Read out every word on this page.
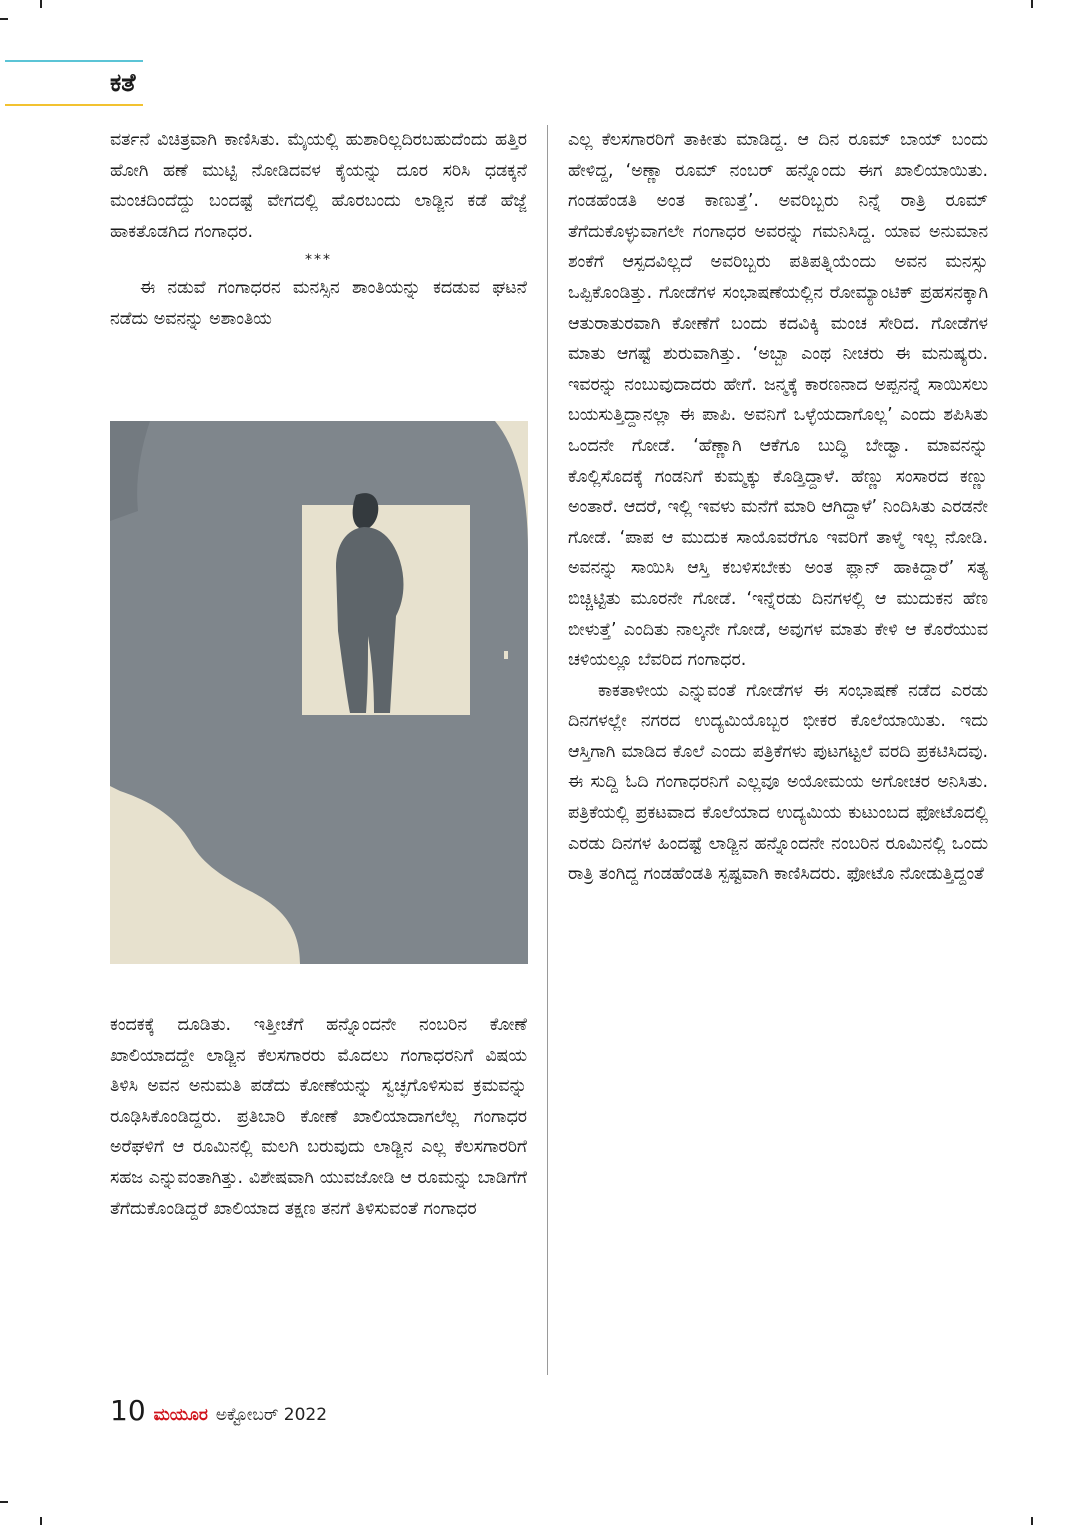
ಕತೆ

ವರ್ತನೆ ವಿಚಿತ್ರವಾಗಿ ಕಾಣಿಸಿತು. ಮೈಯಲ್ಲಿ ಹುಶಾರಿಲ್ಲದಿರಬಹುದೆಂದು ಹತ್ತಿರ ಹೋಗಿ ಹಣೆ ಮುಟ್ಟಿ ನೋಡಿದವಳ ಕೈಯನ್ನು ದೂರ ಸರಿಸಿ ಧಡಕ್ಕನೆ ಮಂಚದಿಂದೆದ್ದು ಬಂದಷ್ಟೆ ವೇಗದಲ್ಲಿ ಹೊರಬಂದು ಲಾಡ್ಜಿನ ಕಡೆ ಹೆಜ್ಜೆ ಹಾಕತೊಡಗಿದ ಗಂಗಾಧರ.

***

ಈ ನಡುವೆ ಗಂಗಾಧರನ ಮನಸ್ಸಿನ ಶಾಂತಿಯನ್ನು ಕದಡುವ ಘಟನೆ ನಡೆದು ಅವನನ್ನು ಅಶಾಂತಿಯ

ಕಂದಕಕ್ಕೆ ದೂಡಿತು. ಇತ್ತೀಚೆಗೆ ಹನ್ನೊಂದನೇ ನಂಬರಿನ ಕೋಣೆ ಖಾಲಿಯಾದದ್ದೇ ಲಾಡ್ಜಿನ ಕೆಲಸಗಾರರು ಮೊದಲು ಗಂಗಾಧರನಿಗೆ ವಿಷಯ ತಿಳಿಸಿ ಅವನ ಅನುಮತಿ ಪಡೆದು ಕೋಣೆಯನ್ನು ಸ್ವಚ್ಛಗೊಳಿಸುವ ಕ್ರಮವನ್ನು ರೂಢಿಸಿಕೊಂಡಿದ್ದರು. ಪ್ರತಿಬಾರಿ ಕೋಣೆ ಖಾಲಿಯಾದಾಗಲೆಲ್ಲ ಗಂಗಾಧರ ಅರೆಘಳಿಗೆ ಆ ರೂಮಿನಲ್ಲಿ ಮಲಗಿ ಬರುವುದು ಲಾಡ್ಜಿನ ಎಲ್ಲ ಕೆಲಸಗಾರರಿಗೆ ಸಹಜ ಎನ್ನುವಂತಾಗಿತ್ತು. ವಿಶೇಷವಾಗಿ ಯುವಜೋಡಿ ಆ ರೂಮನ್ನು ಬಾಡಿಗೆಗೆ ತೆಗೆದುಕೊಂಡಿದ್ದರೆ ಖಾಲಿಯಾದ ತಕ್ಷಣ ತನಗೆ ತಿಳಿಸುವಂತೆ ಗಂಗಾಧರ

ಎಲ್ಲ ಕೆಲಸಗಾರರಿಗೆ ತಾಕೀತು ಮಾಡಿದ್ದ. ಆ ದಿನ ರೂಮ್ ಬಾಯ್ ಬಂದು ಹೇಳಿದ್ದ, ‘ಅಣ್ಣಾ ರೂಮ್ ನಂಬರ್ ಹನ್ನೊಂದು ಈಗ ಖಾಲಿಯಾಯಿತು. ಗಂಡಹೆಂಡತಿ ಅಂತ ಕಾಣುತ್ತೆ’. ಅವರಿಬ್ಬರು ನಿನ್ನೆ ರಾತ್ರಿ ರೂಮ್ ತೆಗೆದುಕೊಳ್ಳುವಾಗಲೇ ಗಂಗಾಧರ ಅವರನ್ನು ಗಮನಿಸಿದ್ದ. ಯಾವ ಅನುಮಾನ ಶಂಕೆಗೆ ಆಸ್ಪದವಿಲ್ಲದೆ ಅವರಿಬ್ಬರು ಪತಿಪತ್ನಿಯೆಂದು ಅವನ ಮನಸ್ಸು ಒಪ್ಪಿಕೊಂಡಿತ್ತು. ಗೋಡೆಗಳ ಸಂಭಾಷಣೆಯಲ್ಲಿನ ರೋಮ್ಯಾಂಟಿಕ್ ಪ್ರಹಸನಕ್ಕಾಗಿ ಆತುರಾತುರವಾಗಿ ಕೋಣೆಗೆ ಬಂದು ಕದವಿಕ್ಕಿ ಮಂಚ ಸೇರಿದ. ಗೋಡೆಗಳ ಮಾತು ಆಗಷ್ಟೆ ಶುರುವಾಗಿತ್ತು. ‘ಅಬ್ಬಾ ಎಂಥ ನೀಚರು ಈ ಮನುಷ್ಯರು. ಇವರನ್ನು ನಂಬುವುದಾದರು ಹೇಗೆ. ಜನ್ಮಕ್ಕೆ ಕಾರಣನಾದ ಅಪ್ಪನನ್ನೆ ಸಾಯಿಸಲು ಬಯಸುತ್ತಿದ್ದಾನಲ್ಲಾ ಈ ಪಾಪಿ. ಅವನಿಗೆ ಒಳ್ಳೆಯದಾಗೊಲ್ಲ’ ಎಂದು ಶಪಿಸಿತು ಒಂದನೇ ಗೋಡೆ. ‘ಹೆಣ್ಣಾಗಿ ಆಕೆಗೂ ಬುದ್ಧಿ ಬೇಡ್ವಾ. ಮಾವನನ್ನು ಕೊಲ್ಲಿಸೊದಕ್ಕೆ ಗಂಡನಿಗೆ ಕುಮ್ಮಕ್ಕು ಕೊಡ್ತಿದ್ದಾಳೆ. ಹೆಣ್ಣು ಸಂಸಾರದ ಕಣ್ಣು ಅಂತಾರೆ. ಆದರೆ, ಇಲ್ಲಿ ಇವಳು ಮನೆಗೆ ಮಾರಿ ಆಗಿದ್ದಾಳೆ’ ನಿಂದಿಸಿತು ಎರಡನೇ ಗೋಡೆ. ‘ಪಾಪ ಆ ಮುದುಕ ಸಾಯೊವರೆಗೂ ಇವರಿಗೆ ತಾಳ್ಮೆ ಇಲ್ಲ ನೋಡಿ. ಅವನನ್ನು ಸಾಯಿಸಿ ಆಸ್ತಿ ಕಬಳಿಸಬೇಕು ಅಂತ ಪ್ಲಾನ್ ಹಾಕಿದ್ದಾರೆ’ ಸತ್ಯ ಬಿಚ್ಚಿಟ್ಟಿತು ಮೂರನೇ ಗೋಡೆ. ‘ಇನ್ನೆರಡು ದಿನಗಳಲ್ಲಿ ಆ ಮುದುಕನ ಹೆಣ ಬೀಳುತ್ತೆ’ ಎಂದಿತು ನಾಲ್ಕನೇ ಗೋಡೆ, ಅವುಗಳ ಮಾತು ಕೇಳಿ ಆ ಕೊರೆಯುವ ಚಳಿಯಲ್ಲೂ ಬೆವರಿದ ಗಂಗಾಧರ.

ಕಾಕತಾಳೀಯ ಎನ್ನುವಂತೆ ಗೋಡೆಗಳ ಈ ಸಂಭಾಷಣೆ ನಡೆದ ಎರಡು ದಿನಗಳಲ್ಲೇ ನಗರದ ಉದ್ಯಮಿಯೊಬ್ಬರ ಭೀಕರ ಕೊಲೆಯಾಯಿತು. ಇದು ಆಸ್ತಿಗಾಗಿ ಮಾಡಿದ ಕೊಲೆ ಎಂದು ಪತ್ರಿಕೆಗಳು ಪುಟಗಟ್ಟಲೆ ವರದಿ ಪ್ರಕಟಿಸಿದವು. ಈ ಸುದ್ದಿ ಓದಿ ಗಂಗಾಧರನಿಗೆ ಎಲ್ಲವೂ ಅಯೋಮಯ ಅಗೋಚರ ಅನಿಸಿತು. ಪತ್ರಿಕೆಯಲ್ಲಿ ಪ್ರಕಟವಾದ ಕೊಲೆಯಾದ ಉದ್ಯಮಿಯ ಕುಟುಂಬದ ಫೋಟೊದಲ್ಲಿ ಎರಡು ದಿನಗಳ ಹಿಂದಷ್ಟೆ ಲಾಡ್ಜಿನ ಹನ್ನೊಂದನೇ ನಂಬರಿನ ರೂಮಿನಲ್ಲಿ ಒಂದು ರಾತ್ರಿ ತಂಗಿದ್ದ ಗಂಡಹೆಂಡತಿ ಸ್ಪಷ್ಟವಾಗಿ ಕಾಣಿಸಿದರು. ಫೋಟೊ ನೋಡುತ್ತಿದ್ದಂತೆ

10 ಮಯೂರ ಅಕ್ಟೋಬರ್ 2022
